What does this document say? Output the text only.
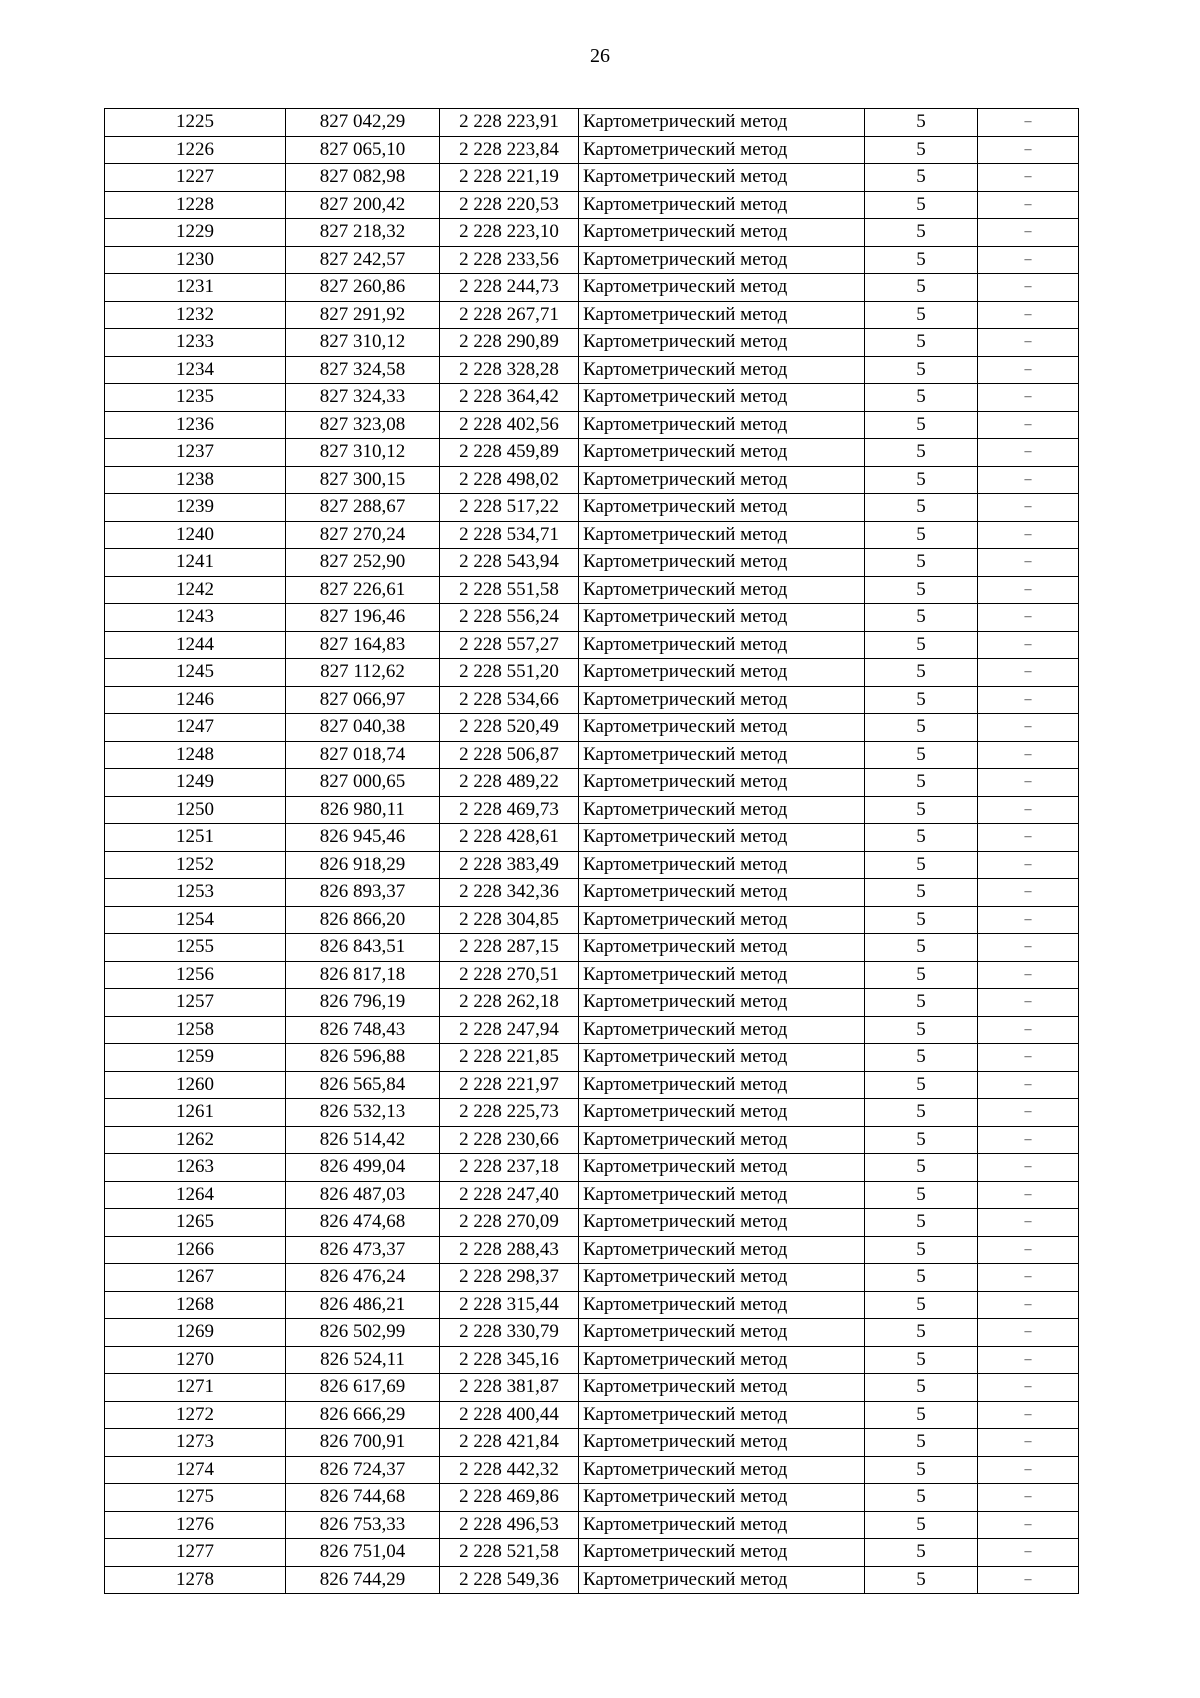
26
1225	827 042,29	2 228 223,91	Картометрический метод	5	–
1226	827 065,10	2 228 223,84	Картометрический метод	5	–
1227	827 082,98	2 228 221,19	Картометрический метод	5	–
1228	827 200,42	2 228 220,53	Картометрический метод	5	–
1229	827 218,32	2 228 223,10	Картометрический метод	5	–
1230	827 242,57	2 228 233,56	Картометрический метод	5	–
1231	827 260,86	2 228 244,73	Картометрический метод	5	–
1232	827 291,92	2 228 267,71	Картометрический метод	5	–
1233	827 310,12	2 228 290,89	Картометрический метод	5	–
1234	827 324,58	2 228 328,28	Картометрический метод	5	–
1235	827 324,33	2 228 364,42	Картометрический метод	5	–
1236	827 323,08	2 228 402,56	Картометрический метод	5	–
1237	827 310,12	2 228 459,89	Картометрический метод	5	–
1238	827 300,15	2 228 498,02	Картометрический метод	5	–
1239	827 288,67	2 228 517,22	Картометрический метод	5	–
1240	827 270,24	2 228 534,71	Картометрический метод	5	–
1241	827 252,90	2 228 543,94	Картометрический метод	5	–
1242	827 226,61	2 228 551,58	Картометрический метод	5	–
1243	827 196,46	2 228 556,24	Картометрический метод	5	–
1244	827 164,83	2 228 557,27	Картометрический метод	5	–
1245	827 112,62	2 228 551,20	Картометрический метод	5	–
1246	827 066,97	2 228 534,66	Картометрический метод	5	–
1247	827 040,38	2 228 520,49	Картометрический метод	5	–
1248	827 018,74	2 228 506,87	Картометрический метод	5	–
1249	827 000,65	2 228 489,22	Картометрический метод	5	–
1250	826 980,11	2 228 469,73	Картометрический метод	5	–
1251	826 945,46	2 228 428,61	Картометрический метод	5	–
1252	826 918,29	2 228 383,49	Картометрический метод	5	–
1253	826 893,37	2 228 342,36	Картометрический метод	5	–
1254	826 866,20	2 228 304,85	Картометрический метод	5	–
1255	826 843,51	2 228 287,15	Картометрический метод	5	–
1256	826 817,18	2 228 270,51	Картометрический метод	5	–
1257	826 796,19	2 228 262,18	Картометрический метод	5	–
1258	826 748,43	2 228 247,94	Картометрический метод	5	–
1259	826 596,88	2 228 221,85	Картометрический метод	5	–
1260	826 565,84	2 228 221,97	Картометрический метод	5	–
1261	826 532,13	2 228 225,73	Картометрический метод	5	–
1262	826 514,42	2 228 230,66	Картометрический метод	5	–
1263	826 499,04	2 228 237,18	Картометрический метод	5	–
1264	826 487,03	2 228 247,40	Картометрический метод	5	–
1265	826 474,68	2 228 270,09	Картометрический метод	5	–
1266	826 473,37	2 228 288,43	Картометрический метод	5	–
1267	826 476,24	2 228 298,37	Картометрический метод	5	–
1268	826 486,21	2 228 315,44	Картометрический метод	5	–
1269	826 502,99	2 228 330,79	Картометрический метод	5	–
1270	826 524,11	2 228 345,16	Картометрический метод	5	–
1271	826 617,69	2 228 381,87	Картометрический метод	5	–
1272	826 666,29	2 228 400,44	Картометрический метод	5	–
1273	826 700,91	2 228 421,84	Картометрический метод	5	–
1274	826 724,37	2 228 442,32	Картометрический метод	5	–
1275	826 744,68	2 228 469,86	Картометрический метод	5	–
1276	826 753,33	2 228 496,53	Картометрический метод	5	–
1277	826 751,04	2 228 521,58	Картометрический метод	5	–
1278	826 744,29	2 228 549,36	Картометрический метод	5	–
